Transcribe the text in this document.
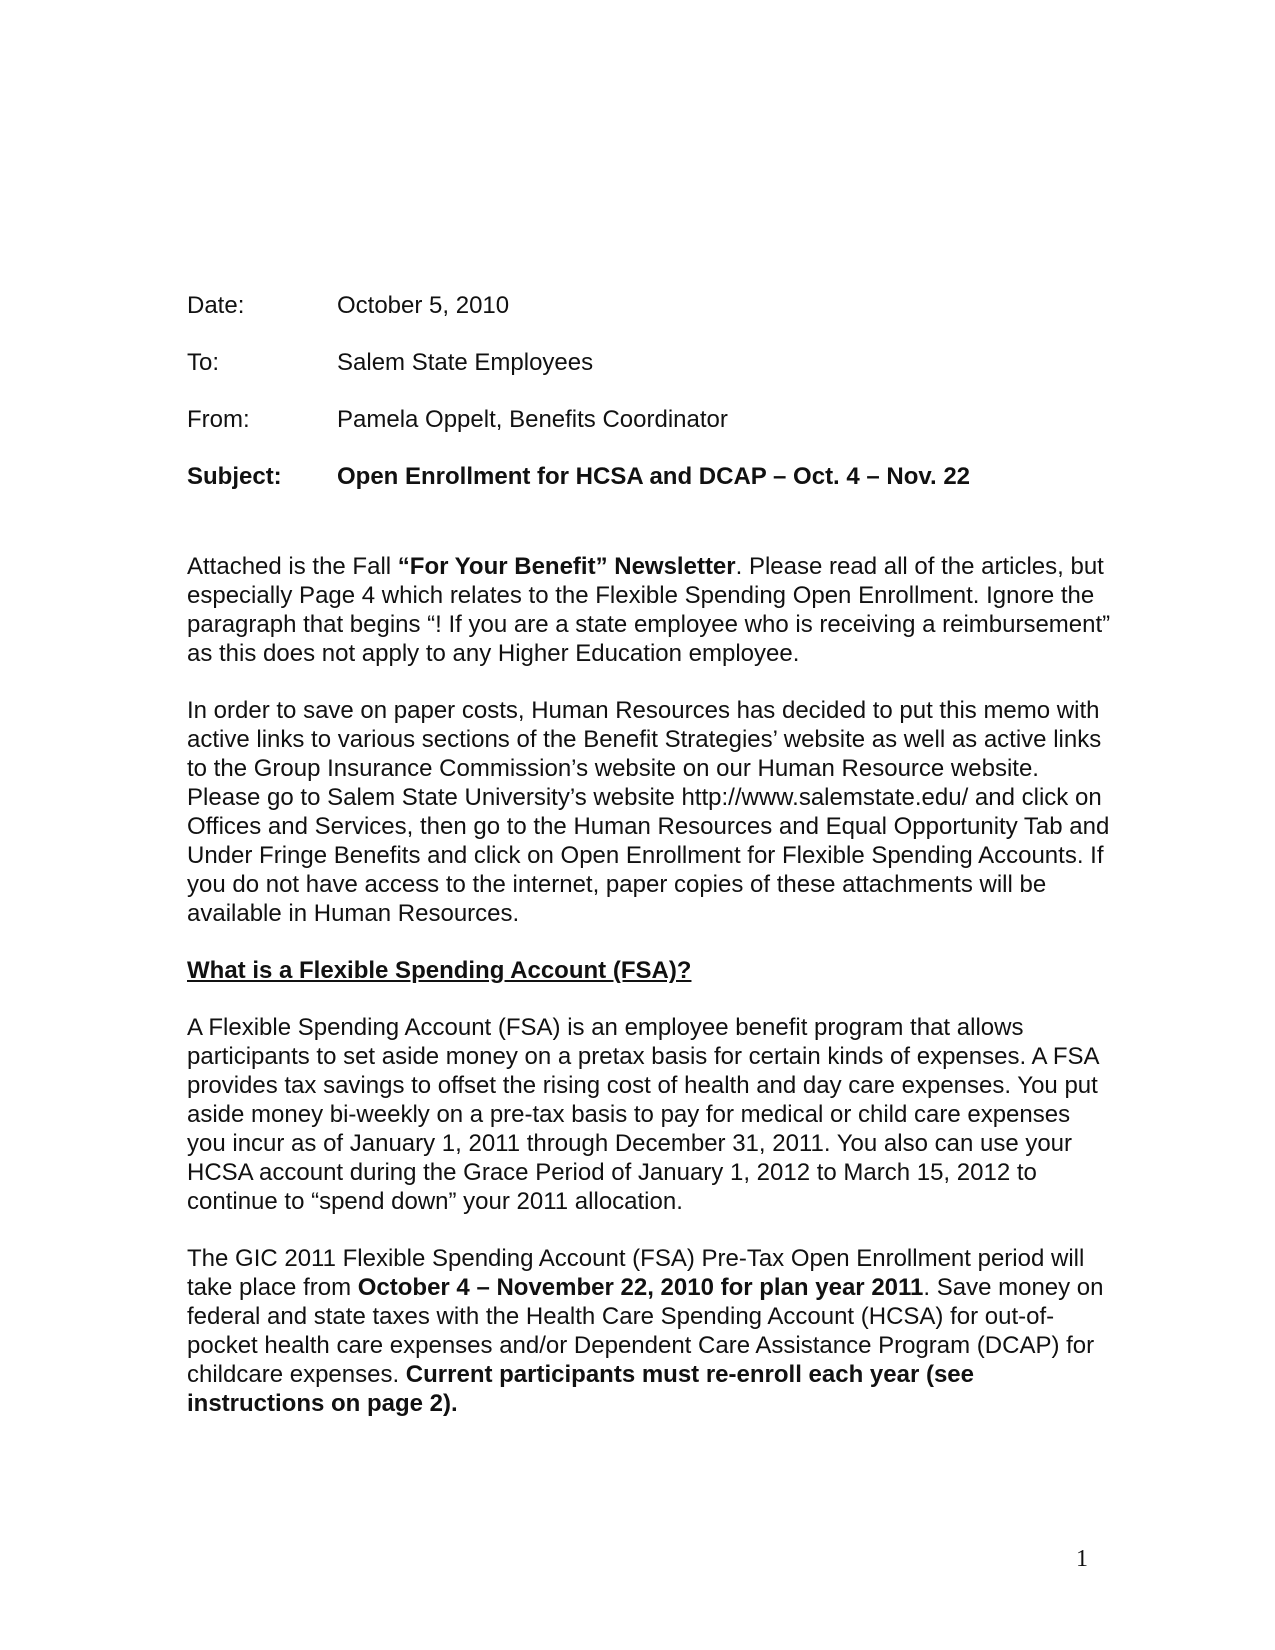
Date:	October 5, 2010
To:	Salem State Employees
From:	Pamela Oppelt, Benefits Coordinator
Subject:	Open Enrollment for HCSA and DCAP – Oct. 4 – Nov. 22

Attached is the Fall “For Your Benefit” Newsletter. Please read all of the articles, but especially Page 4 which relates to the Flexible Spending Open Enrollment. Ignore the paragraph that begins “! If you are a state employee who is receiving a reimbursement” as this does not apply to any Higher Education employee.

In order to save on paper costs, Human Resources has decided to put this memo with active links to various sections of the Benefit Strategies’ website as well as active links to the Group Insurance Commission’s website on our Human Resource website. Please go to Salem State University’s website http://www.salemstate.edu/ and click on Offices and Services, then go to the Human Resources and Equal Opportunity Tab and Under Fringe Benefits and click on Open Enrollment for Flexible Spending Accounts. If you do not have access to the internet, paper copies of these attachments will be available in Human Resources.

What is a Flexible Spending Account (FSA)?

A Flexible Spending Account (FSA) is an employee benefit program that allows participants to set aside money on a pretax basis for certain kinds of expenses. A FSA provides tax savings to offset the rising cost of health and day care expenses. You put aside money bi-weekly on a pre-tax basis to pay for medical or child care expenses you incur as of January 1, 2011 through December 31, 2011. You also can use your HCSA account during the Grace Period of January 1, 2012 to March 15, 2012 to continue to “spend down” your 2011 allocation.

The GIC 2011 Flexible Spending Account (FSA) Pre-Tax Open Enrollment period will take place from October 4 – November 22, 2010 for plan year 2011. Save money on federal and state taxes with the Health Care Spending Account (HCSA) for out-of-pocket health care expenses and/or Dependent Care Assistance Program (DCAP) for childcare expenses. Current participants must re-enroll each year (see instructions on page 2).

1
